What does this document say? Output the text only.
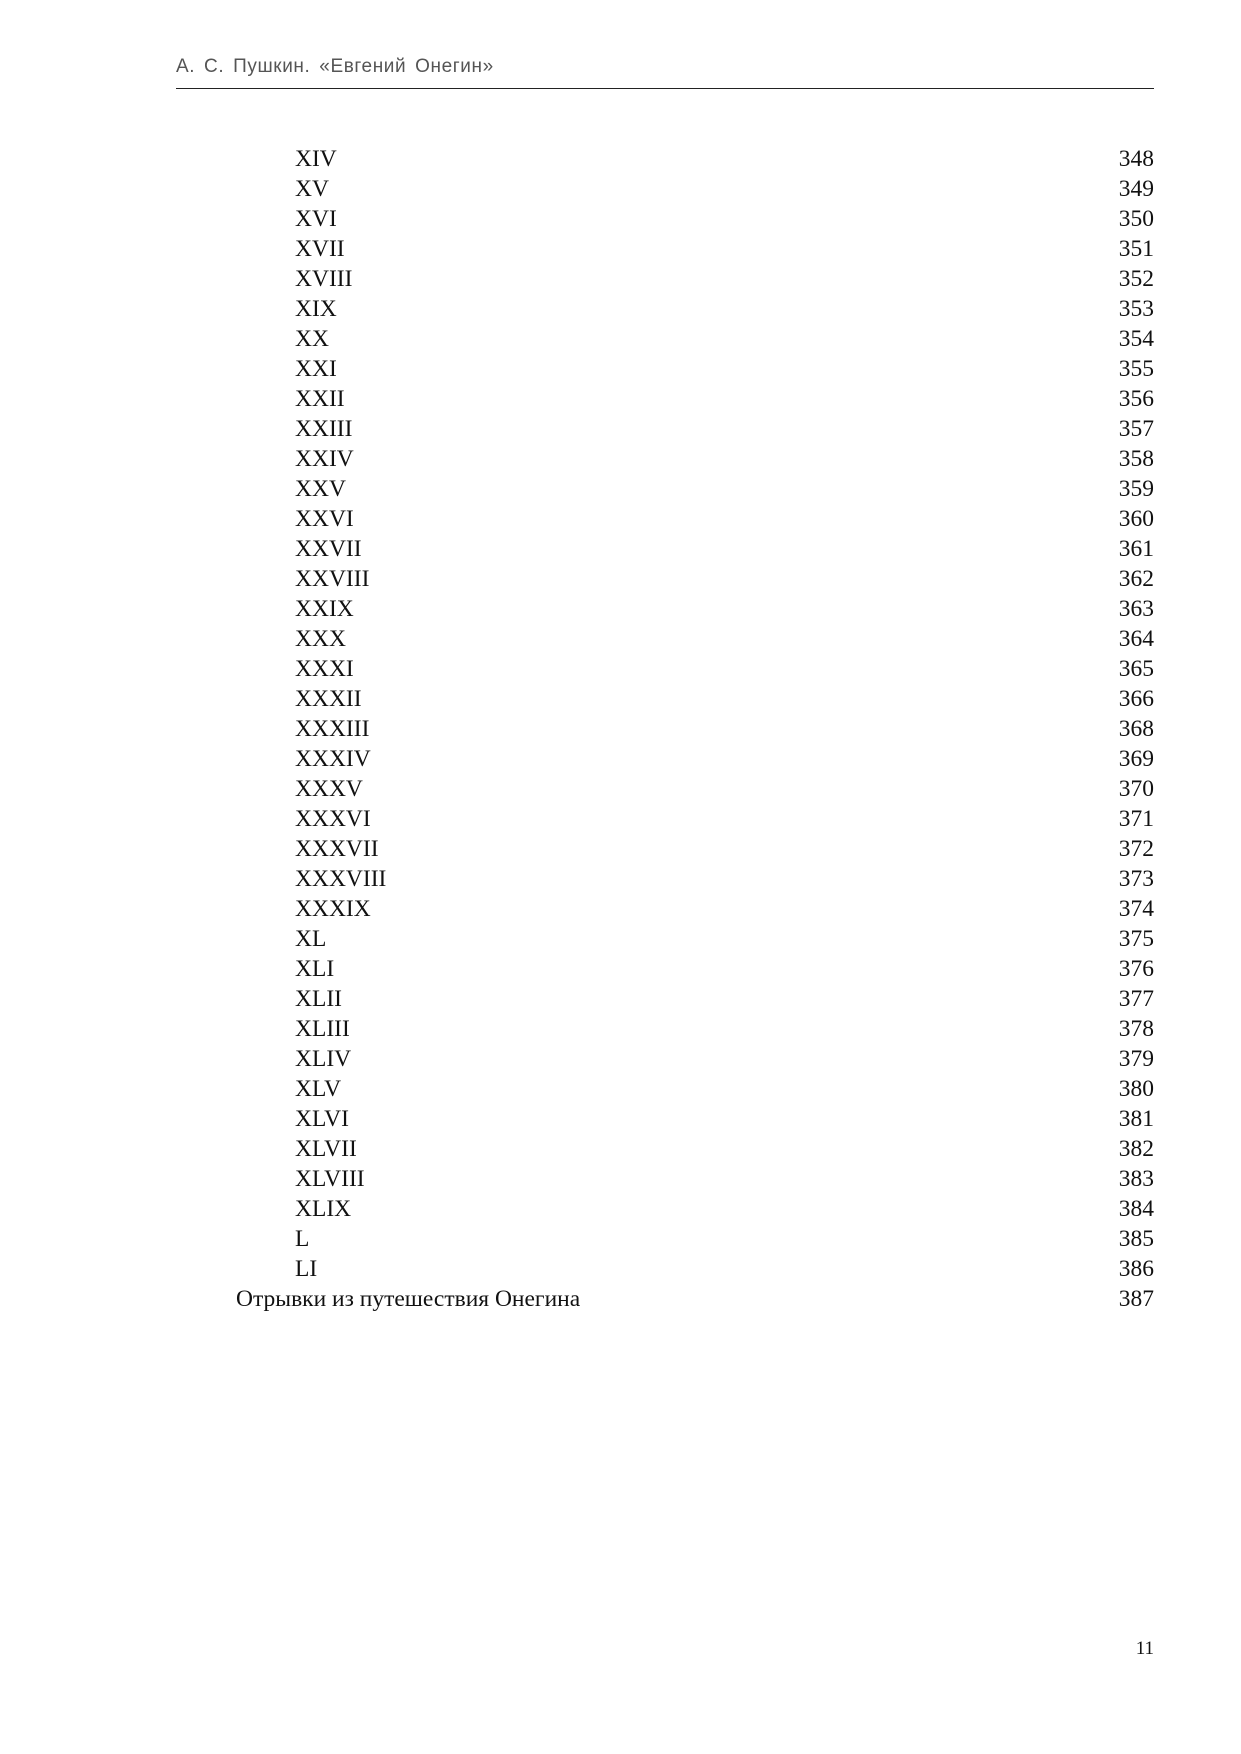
А. С. Пушкин. «Евгений Онегин»
XIV	348
XV	349
XVI	350
XVII	351
XVIII	352
XIX	353
XX	354
XXI	355
XXII	356
XXIII	357
XXIV	358
XXV	359
XXVI	360
XXVII	361
XXVIII	362
XXIX	363
XXX	364
XXXI	365
XXXII	366
XXXIII	368
XXXIV	369
XXXV	370
XXXVI	371
XXXVII	372
XXXVIII	373
XXXIX	374
XL	375
XLI	376
XLII	377
XLIII	378
XLIV	379
XLV	380
XLVI	381
XLVII	382
XLVIII	383
XLIX	384
L	385
LI	386
Отрывки из путешествия Онегина	387
11
